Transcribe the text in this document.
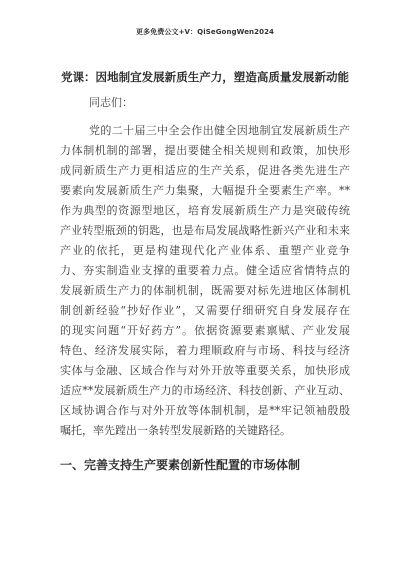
更多免费公文+V：QiSeGongWen2024
党课：因地制宜发展新质生产力，塑造高质量发展新动能
同志们：
党的二十届三中全会作出健全因地制宜发展新质生产
力体制机制的部署，提出要健全相关规则和政策，加快形
成同新质生产力更相适应的生产关系，促进各类先进生产
要素向发展新质生产力集聚，大幅提升全要素生产率。**
作为典型的资源型地区，培育发展新质生产力是突破传统
产业转型瓶颈的钥匙，也是布局发展战略性新兴产业和未来
产业的依托，更是构建现代化产业体系、重塑产业竞争
力、夯实制造业支撑的重要着力点。健全适应省情特点的
发展新质生产力的体制机制，既需要对标先进地区体制机
制创新经验“抄好作业”，又需要仔细研究自身发展存在
的现实问题“开好药方”。依据资源要素禀赋、产业发展
特色、经济发展实际，着力理顺政府与市场、科技与经济
实体与金融、区域合作与对外开放等重要关系，加快形成
适应**发展新质生产力的市场经济、科技创新、产业互动、
区域协调合作与对外开放等体制机制，是**牢记领袖殷殷
嘱托，率先蹚出一条转型发展新路的关键路径。
一、完善支持生产要素创新性配置的市场体制
